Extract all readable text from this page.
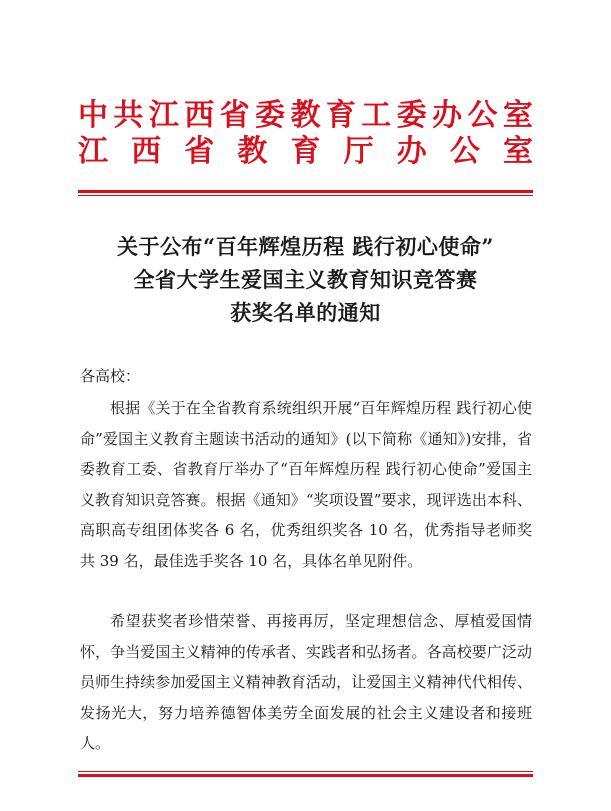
中 共 江 西 省 委 教 育 工 委 办 公 室
江 西 省 教 育 厅 办 公 室
关于公布“百年辉煌历程 践行初心使命”
全省大学生爱国主义教育知识竞答赛
获奖名单的通知
各高校：

根据《关于在全省教育系统组织开展“百年辉煌历程 践行初心使命”爱国主义教育主题读书活动的通知》(以下简称《通知》)安排，省委教育工委、省教育厅举办了“百年辉煌历程 践行初心使命”爱国主义教育知识竞答赛。根据《通知》“奖项设置”要求，现评选出本科、高职高专组团体奖各 6 名，优秀组织奖各 10 名，优秀指导老师奖共 39 名，最佳选手奖各 10 名，具体名单见附件。

希望获奖者珍惜荣誉、再接再厉，坚定理想信念、厚植爱国情怀，争当爱国主义精神的传承者、实践者和弘扬者。各高校要广泛动员师生持续参加爱国主义精神教育活动，让爱国主义精神代代相传、发扬光大，努力培养德智体美劳全面发展的社会主义建设者和接班人。
